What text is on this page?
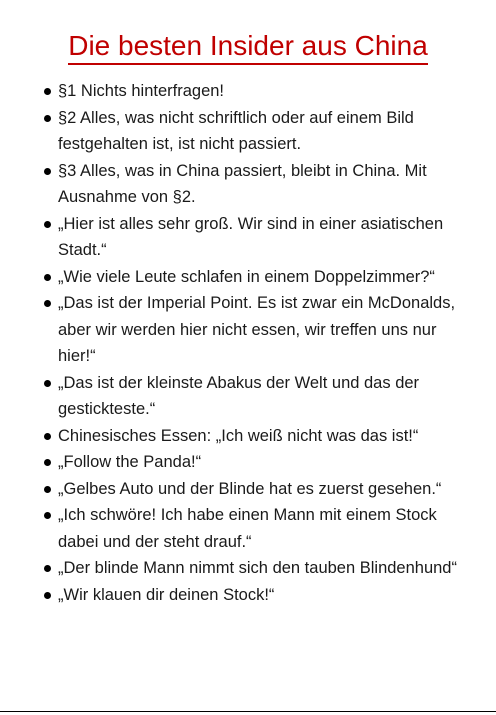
Die besten Insider aus China
§1 Nichts hinterfragen!
§2 Alles, was nicht schriftlich oder auf einem Bild festgehalten ist, ist nicht passiert.
§3 Alles, was in China passiert, bleibt in China. Mit Ausnahme von §2.
„Hier ist alles sehr groß. Wir sind in einer asiatischen Stadt.“
„Wie viele Leute schlafen in einem Doppelzimmer?“
„Das ist der Imperial Point. Es ist zwar ein McDonalds, aber wir werden hier nicht essen, wir treffen uns nur hier!“
„Das ist der kleinste Abakus der Welt und das der gestickteste.“
Chinesisches Essen: „Ich weiß nicht was das ist!“
„Follow the Panda!“
„Gelbes Auto und der Blinde hat es zuerst gesehen.“
„Ich schwöre! Ich habe einen Mann mit einem Stock dabei und der steht drauf.“
„Der blinde Mann nimmt sich den tauben Blindenhund“
„Wir klauen dir deinen Stock!“
